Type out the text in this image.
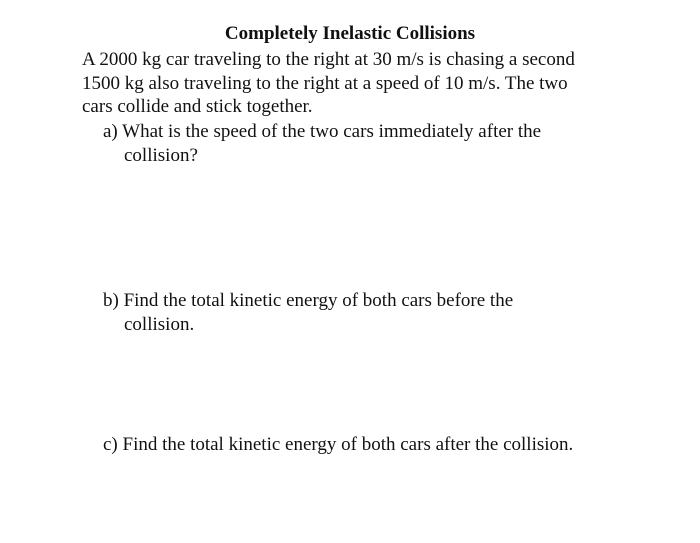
Completely Inelastic Collisions
A 2000 kg car traveling to the right at 30 m/s is chasing a second
1500 kg also traveling to the right at a speed of 10 m/s. The two
cars collide and stick together.
a) What is the speed of the two cars immediately after the
collision?
b) Find the total kinetic energy of both cars before the
collision.
c) Find the total kinetic energy of both cars after the collision.
